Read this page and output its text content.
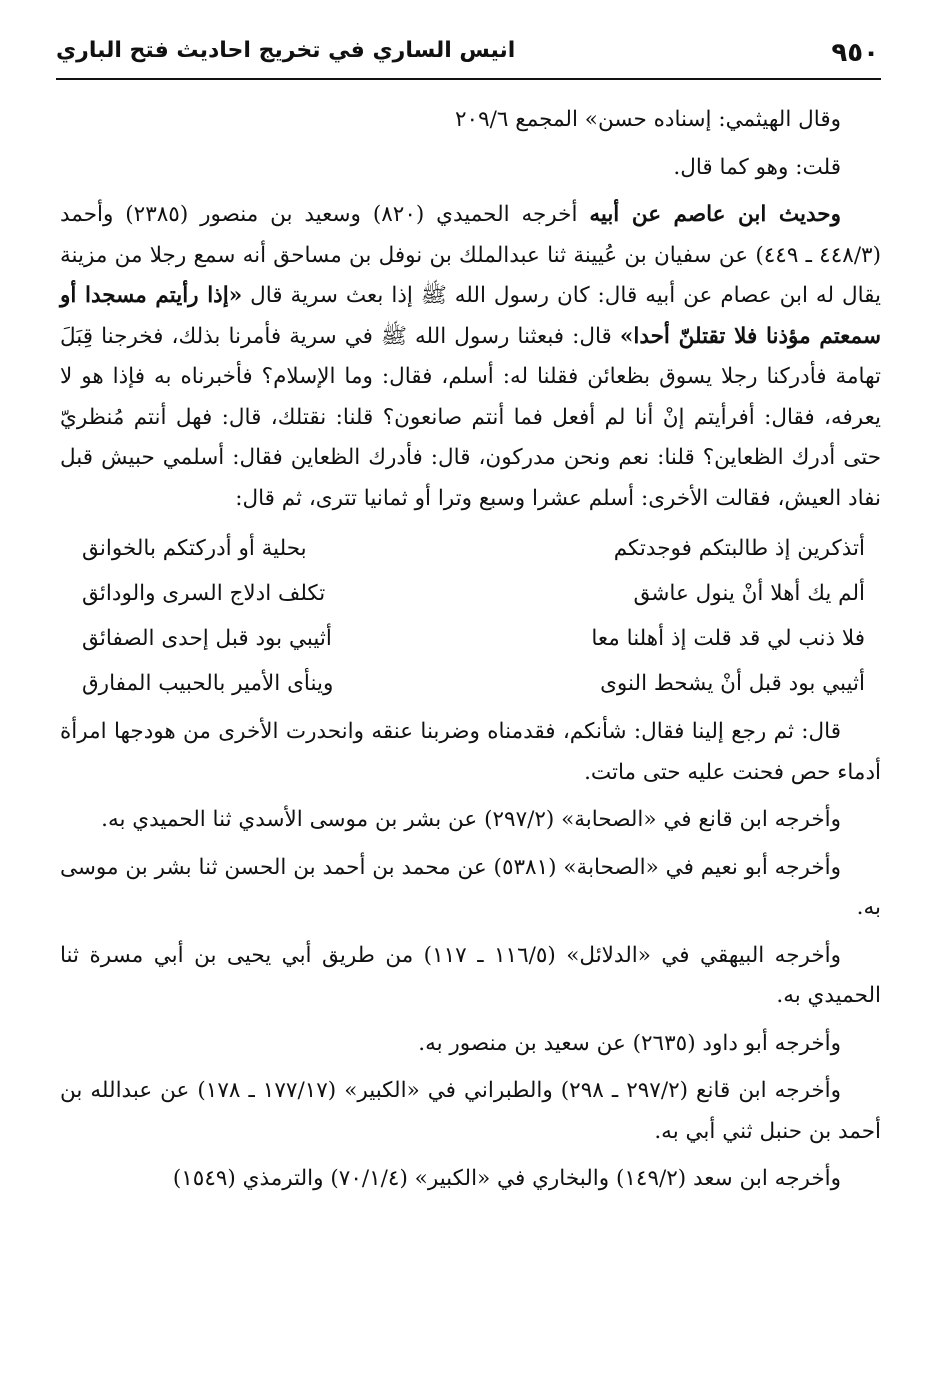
٩٥٠
انيس الساري في تخريج احاديث فتح الباري

وقال الهيثمي: إسناده حسن» المجمع ٢٠٩/٦

قلت: وهو كما قال.

وحديث ابن عاصم عن أبيه أخرجه الحميدي (٨٢٠) وسعيد بن منصور (٢٣٨٥) وأحمد (٤٤٨/٣ ـ ٤٤٩) عن سفيان بن عُيينة ثنا عبدالملك بن نوفل بن مساحق أنه سمع رجلا من مزينة يقال له ابن عصام عن أبيه قال: كان رسول الله ﷺ إذا بعث سرية قال «إذا رأيتم مسجدا أو سمعتم مؤذنا فلا تقتلنّ أحدا» قال: فبعثنا رسول الله ﷺ في سرية فأمرنا بذلك، فخرجنا قِبَلَ تهامة فأدركنا رجلا يسوق بظعائن فقلنا له: أسلم، فقال: وما الإسلام؟ فأخبرناه به فإذا هو لا يعرفه، فقال: أفرأيتم إنْ أنا لم أفعل فما أنتم صانعون؟ قلنا: نقتلك، قال: فهل أنتم مُنظريّ حتى أدرك الظعاين؟ قلنا: نعم ونحن مدركون، قال: فأدرك الظعاين فقال: أسلمي حبيش قبل نفاد العيش، فقالت الأخرى: أسلم عشرا وسبع وترا أو ثمانيا تترى، ثم قال:

أتذكرين إذ طالبتكم فوجدتكم
بحلية أو أدركتكم بالخوانق
ألم يك أهلا أنْ ينول عاشق
تكلف ادلاج السرى والودائق
فلا ذنب لي قد قلت إذ أهلنا معا
أثيبي بود قبل إحدى الصفائق
أثيبي بود قبل أنْ يشحط النوى
وينأى الأمير بالحبيب المفارق

قال: ثم رجع إلينا فقال: شأنكم، فقدمناه وضربنا عنقه وانحدرت الأخرى من هودجها امرأة أدماء حص فحنت عليه حتى ماتت.

وأخرجه ابن قانع في «الصحابة» (٢٩٧/٢) عن بشر بن موسى الأسدي ثنا الحميدي به.

وأخرجه أبو نعيم في «الصحابة» (٥٣٨١) عن محمد بن أحمد بن الحسن ثنا بشر بن موسى به.

وأخرجه البيهقي في «الدلائل» (١١٦/٥ ـ ١١٧) من طريق أبي يحيى بن أبي مسرة ثنا الحميدي به.

وأخرجه أبو داود (٢٦٣٥) عن سعيد بن منصور به.

وأخرجه ابن قانع (٢٩٧/٢ ـ ٢٩٨) والطبراني في «الكبير» (١٧٧/١٧ ـ ١٧٨) عن عبدالله بن أحمد بن حنبل ثني أبي به.

وأخرجه ابن سعد (١٤٩/٢) والبخاري في «الكبير» (٧٠/١/٤) والترمذي (١٥٤٩)
